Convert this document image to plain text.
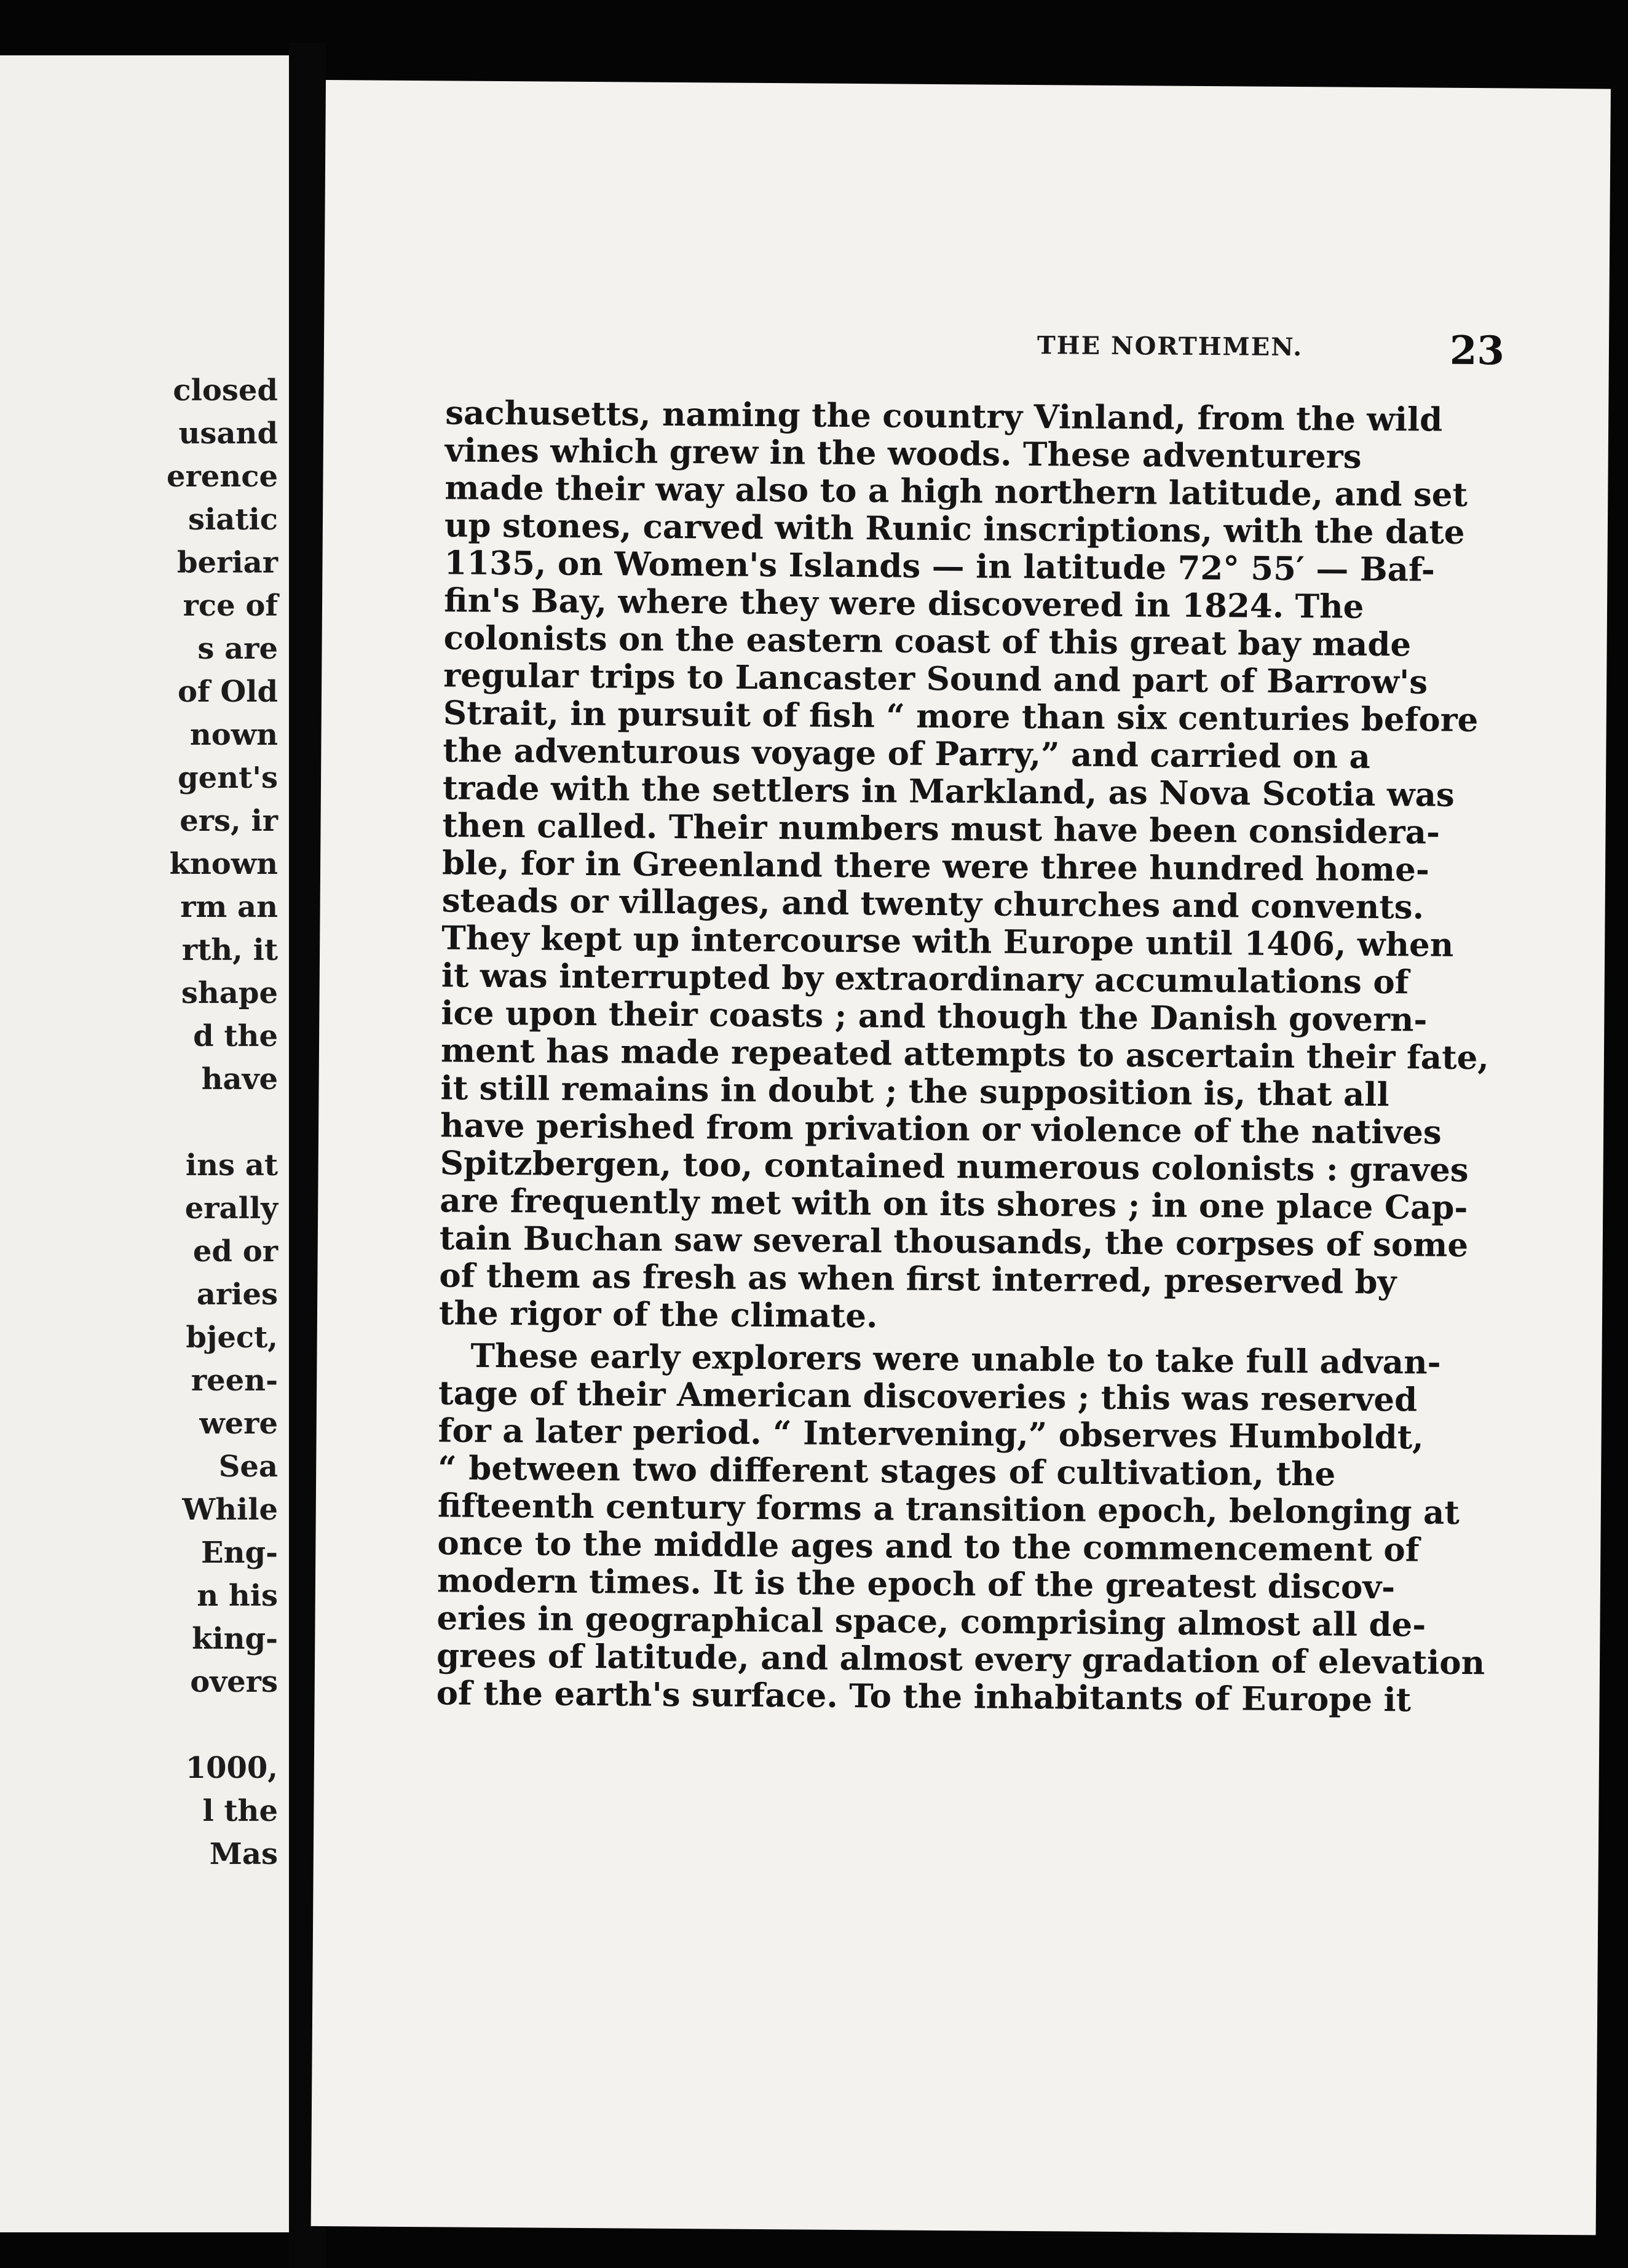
closed
usand
erence
siatic
beriar
rce of
s are
of Old
nown
gent's
ers, ir
known
rm an
rth, it
shape
d the
have

ins at
erally
ed or
aries
bject,
reen-
were
Sea
While
Eng-
n his
king-
overs

1000,
l the
Mas
THE NORTHMEN.	23
sachusetts, naming the country Vinland, from the wild
vines which grew in the woods. These adventurers
made their way also to a high northern latitude, and set
up stones, carved with Runic inscriptions, with the date
1135, on Women's Islands — in latitude 72° 55′ — Baf-
fin's Bay, where they were discovered in 1824. The
colonists on the eastern coast of this great bay made
regular trips to Lancaster Sound and part of Barrow's
Strait, in pursuit of fish “ more than six centuries before
the adventurous voyage of Parry,” and carried on a
trade with the settlers in Markland, as Nova Scotia was
then called. Their numbers must have been considera-
ble, for in Greenland there were three hundred home-
steads or villages, and twenty churches and convents.
They kept up intercourse with Europe until 1406, when
it was interrupted by extraordinary accumulations of
ice upon their coasts ; and though the Danish govern-
ment has made repeated attempts to ascertain their fate,
it still remains in doubt ; the supposition is, that all
have perished from privation or violence of the natives
Spitzbergen, too, contained numerous colonists : graves
are frequently met with on its shores ; in one place Cap-
tain Buchan saw several thousands, the corpses of some
of them as fresh as when first interred, preserved by
the rigor of the climate.
These early explorers were unable to take full advan-
tage of their American discoveries ; this was reserved
for a later period. “ Intervening,” observes Humboldt,
“ between two different stages of cultivation, the
fifteenth century forms a transition epoch, belonging at
once to the middle ages and to the commencement of
modern times. It is the epoch of the greatest discov-
eries in geographical space, comprising almost all de-
grees of latitude, and almost every gradation of elevation
of the earth's surface. To the inhabitants of Europe it
